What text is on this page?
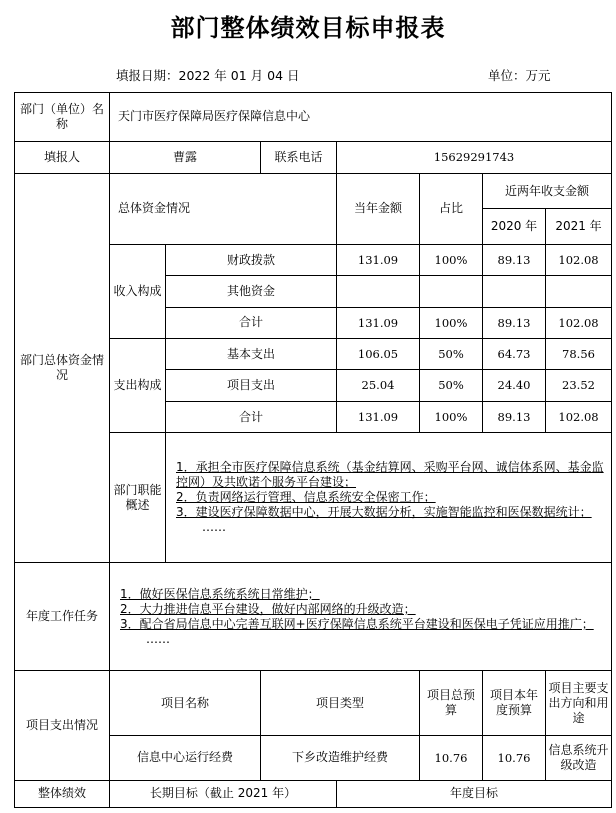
部门整体绩效目标申报表
填报日期：2022 年 01 月 04 日	单位：万元
部门（单位）名称	天门市医疗保障局医疗保障信息中心						
填报人	曹露		联系电话	15629291743			
部门总体资金情况	总体资金情况			当年金额	占比	近两年收支金额	
						2020 年	2021 年
	收入构成	财政拨款		131.09	100%	89.13	102.08
		其他资金					
		合计		131.09	100%	89.13	102.08
	支出构成	基本支出		106.05	50%	64.73	78.56
		项目支出		25.04	50%	24.40	23.52
		合计		131.09	100%	89.13	102.08
	部门职能概述	1．承担全市医疗保障信息系统（基金结算网、采购平台网、诚信体系网、基金监控网）及共欧诺个服务平台建设；
2．负责网络运行管理、信息系统安全保密工作；
3．建设医疗保障数据中心，开展大数据分析，实施智能监控和医保数据统计；
……					

年度工作任务	1．做好医保信息系统系统日常维护；
2．大力推进信息平台建设，做好内部网络的升级改造；
3．配合省局信息中心完善互联网+医疗保障信息系统平台建设和医保电子凭证应用推广；
……						

项目支出情况	项目名称		项目类型		项目总预算	项目本年度预算	项目主要支出方向和用途
	信息中心运行经费		下乡改造维护经费		10.76	10.76	信息系统升级改造
整体绩效	长期目标（截止 2021 年）			年度目标			
